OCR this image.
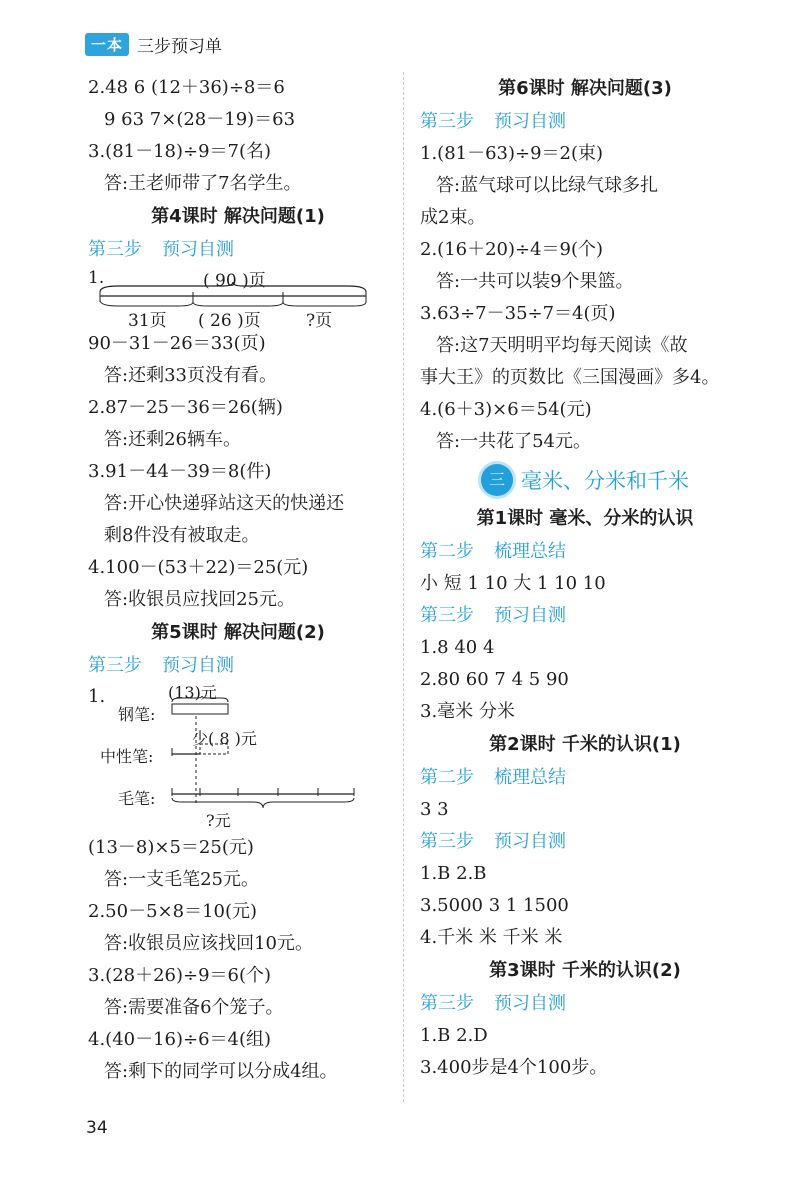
一本 三步预习单
2.48 6 (12＋36)÷8＝6
9 63 7×(28－19)＝63
3.(81－18)÷9＝7(名)
答:王老师带了7名学生。
第4课时 解决问题(1)
第三步 预习自测
1.	( 90 )页
31页 ( 26 )页	?页
90－31－26＝33(页)
答:还剩33页没有看。
2.87－25－36＝26(辆)
答:还剩26辆车。
3.91－44－39＝8(件)
答:开心快递驿站这天的快递还
剩8件没有被取走。
4.100－(53＋22)＝25(元)
答:收银员应找回25元。
第5课时 解决问题(2)
第三步 预习自测
1.	(13)元
钢笔:
少( 8 )元
中性笔:
毛笔:
?元
(13－8)×5＝25(元)
答:一支毛笔25元。
2.50－5×8＝10(元)
答:收银员应该找回10元。
3.(28＋26)÷9＝6(个)
答:需要准备6个笼子。
4.(40－16)÷6＝4(组)
答:剩下的同学可以分成4组。
第6课时 解决问题(3)
第三步 预习自测
1.(81－63)÷9＝2(束)
答:蓝气球可以比绿气球多扎
成2束。
2.(16＋20)÷4＝9(个)
答:一共可以装9个果篮。
3.63÷7－35÷7＝4(页)
答:这7天明明平均每天阅读《故
事大王》的页数比《三国漫画》多4。
4.(6＋3)×6＝54(元)
答:一共花了54元。
三 毫米、分米和千米
第1课时 毫米、分米的认识
第二步 梳理总结
小 短 1 10 大 1 10 10
第三步 预习自测
1.8 40 4
2.80 60 7 4 5 90
3.毫米 分米
第2课时 千米的认识(1)
第二步 梳理总结
3 3
第三步 预习自测
1.B 2.B
3.5000 3 1 1500
4.千米 米 千米 米
第3课时 千米的认识(2)
第三步 预习自测
1.B 2.D
3.400步是4个100步。
34
